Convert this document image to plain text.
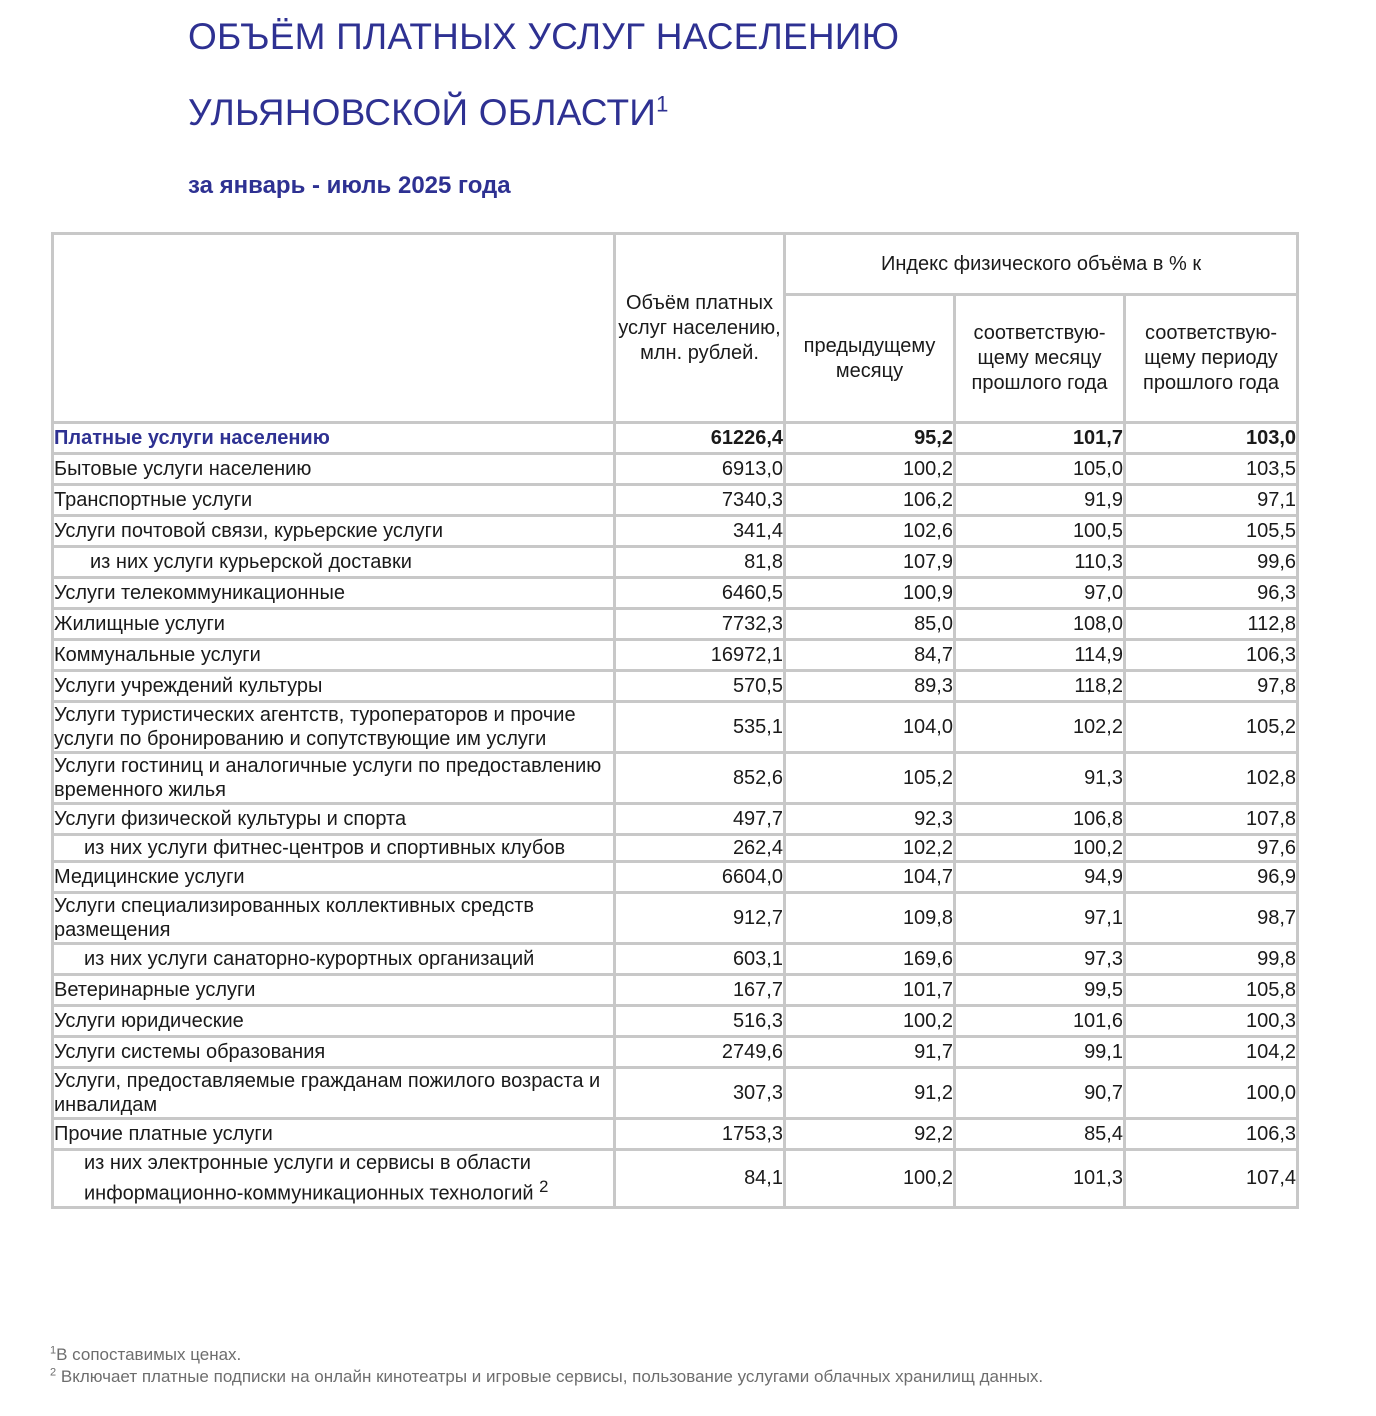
ОБЪЁМ ПЛАТНЫХ УСЛУГ НАСЕЛЕНИЮ
УЛЬЯНОВСКОЙ ОБЛАСТИ$^1$

за январь - июль 2025 года

	Объём платных услуг населению, млн. рублей.	Индекс физического объёма в % к		
		предыдущему месяцу	соответствую-щему месяцу прошлого года	соответствую-щему периоду прошлого года
Платные услуги населению	61226,4	95,2	101,7	103,0
Бытовые услуги населению	6913,0	100,2	105,0	103,5
Транспортные услуги	7340,3	106,2	91,9	97,1
Услуги почтовой связи, курьерские услуги	341,4	102,6	100,5	105,5
из них услуги курьерской доставки	81,8	107,9	110,3	99,6
Услуги телекоммуникационные	6460,5	100,9	97,0	96,3
Жилищные услуги	7732,3	85,0	108,0	112,8
Коммунальные услуги	16972,1	84,7	114,9	106,3
Услуги учреждений культуры	570,5	89,3	118,2	97,8
Услуги туристических агентств, туроператоров и прочие услуги по бронированию и сопутствующие им услуги	535,1	104,0	102,2	105,2
Услуги гостиниц и аналогичные услуги по предоставлению временного жилья	852,6	105,2	91,3	102,8
Услуги физической культуры и спорта	497,7	92,3	106,8	107,8
из них услуги фитнес-центров и спортивных клубов	262,4	102,2	100,2	97,6
Медицинские услуги	6604,0	104,7	94,9	96,9
Услуги специализированных коллективных средств размещения	912,7	109,8	97,1	98,7
из них услуги санаторно-курортных организаций	603,1	169,6	97,3	99,8
Ветеринарные услуги	167,7	101,7	99,5	105,8
Услуги юридические	516,3	100,2	101,6	100,3
Услуги системы образования	2749,6	91,7	99,1	104,2
Услуги, предоставляемые гражданам пожилого возраста и инвалидам	307,3	91,2	90,7	100,0
Прочие платные услуги	1753,3	92,2	85,4	106,3
из них электронные услуги и сервисы в области информационно-коммуникационных технологий $^2$	84,1	100,2	101,3	107,4

$^1$В сопоставимых ценах.

$^2$ Включает платные подписки на онлайн кинотеатры и игровые сервисы, пользование услугами облачных хранилищ данных.
